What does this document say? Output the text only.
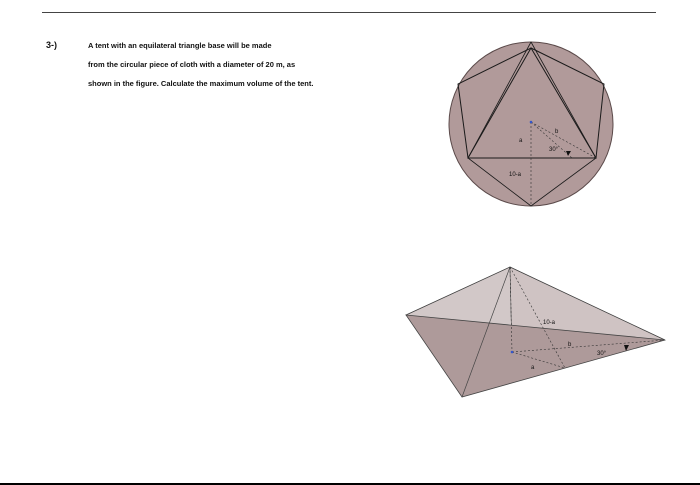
3-)	A tent with an equilateral triangle base will be made
from the circular piece of cloth with a diameter of 20 m, as
shown in the figure. Calculate the maximum volume of the tent.
a
b
30°
10-a
10-a
b
30°
a
